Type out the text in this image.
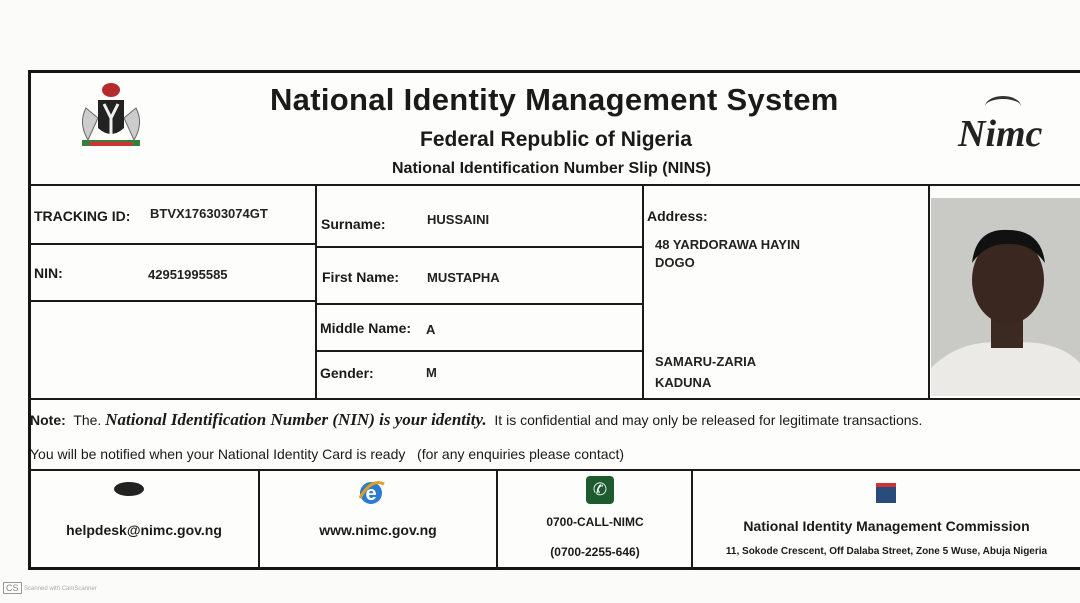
National Identity Management System
Federal Republic of Nigeria
National Identification Number Slip (NINS)
Nimc
TRACKING ID: BTVX176303074GT
NIN:	42951995585
Surname:	HUSSAINI
First Name: MUSTAPHA
Middle Name: A
Gender:	M
Address:
48 YARDORAWA HAYIN
DOGO
SAMARU-ZARIA
KADUNA
Note: The. National Identification Number (NIN) is your identity. It is confidential and may only be released for legitimate transactions.
You will be notified when your National Identity Card is ready (for any enquiries please contact)
helpdesk@nimc.gov.ng
e
www.nimc.gov.ng
✆
0700-CALL-NIMC
(0700-2255-646)
National Identity Management Commission
11, Sokode Crescent, Off Dalaba Street, Zone 5 Wuse, Abuja Nigeria
CS Scanned with CamScanner
